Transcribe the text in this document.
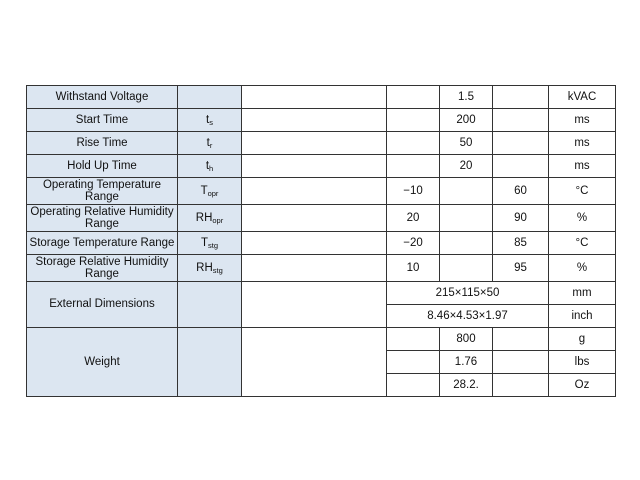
Withstand Voltage				1.5		kVAC
Start Time	$t_s$			200		ms
Rise Time	$t_r$			50		ms
Hold Up Time	$t_h$			20		ms
Operating Temperature Range	$T_{opr}$		−10		60	°C
Operating Relative Humidity Range	$RH_{opr}$		20		90	%
Storage Temperature Range	$T_{stg}$		−20		85	°C
Storage Relative Humidity Range	$RH_{stg}$		10		95	%
External Dimensions			215×115×50			mm
			8.46×4.53×1.97			inch
Weight				800		g
				1.76		lbs
				28.2.		Oz
